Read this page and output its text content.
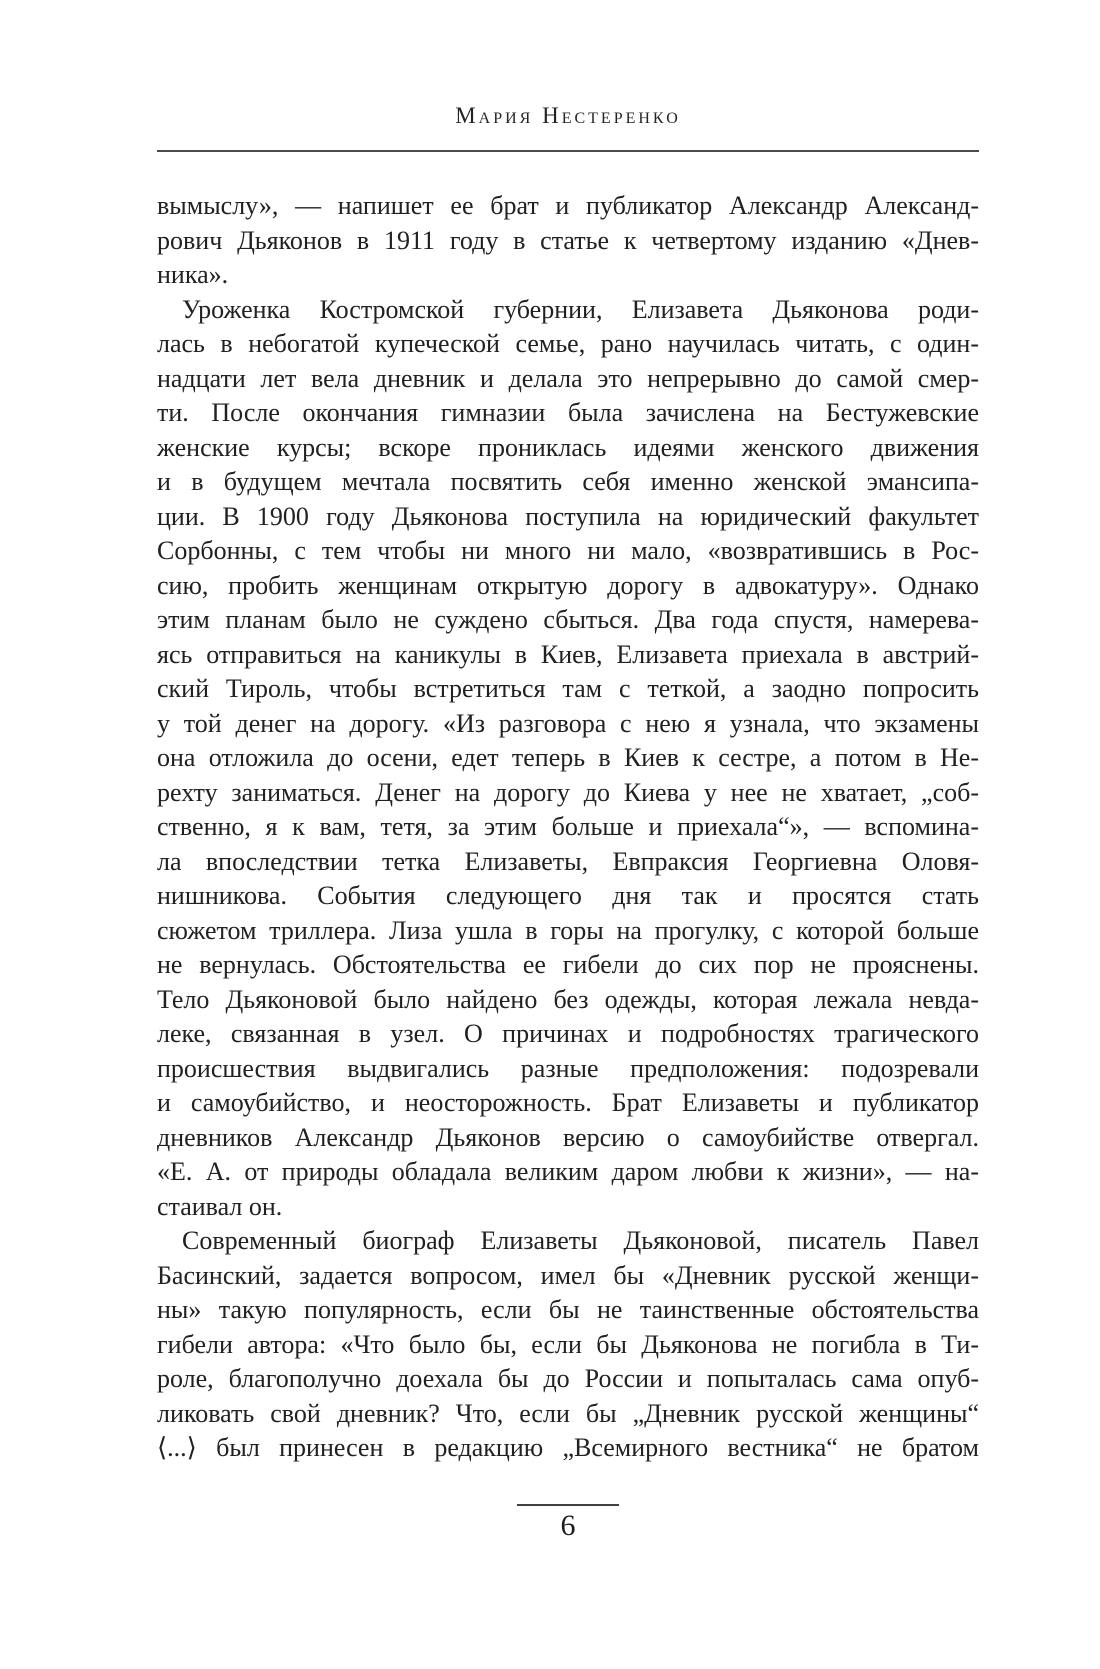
Мария Нестеренко
вымыслу», — напишет ее брат и публикатор Александр Александ-
рович Дьяконов в 1911 году в статье к четвертому изданию «Днев-
ника».
Уроженка Костромской губернии, Елизавета Дьяконова роди-
лась в небогатой купеческой семье, рано научилась читать, с один-
надцати лет вела дневник и делала это непрерывно до самой смер-
ти. После окончания гимназии была зачислена на Бестужевские
женские курсы; вскоре прониклась идеями женского движения
и в будущем мечтала посвятить себя именно женской эмансипа-
ции. В 1900 году Дьяконова поступила на юридический факультет
Сорбонны, с тем чтобы ни много ни мало, «возвратившись в Рос-
сию, пробить женщинам открытую дорогу в адвокатуру». Однако
этим планам было не суждено сбыться. Два года спустя, намерева-
ясь отправиться на каникулы в Киев, Елизавета приехала в австрий-
ский Тироль, чтобы встретиться там с теткой, а заодно попросить
у той денег на дорогу. «Из разговора с нею я узнала, что экзамены
она отложила до осени, едет теперь в Киев к сестре, а потом в Не-
рехту заниматься. Денег на дорогу до Киева у нее не хватает, „соб-
ственно, я к вам, тетя, за этим больше и приехала“», — вспомина-
ла впоследствии тетка Елизаветы, Евпраксия Георгиевна Оловя-
нишникова. События следующего дня так и просятся стать
сюжетом триллера. Лиза ушла в горы на прогулку, с которой больше
не вернулась. Обстоятельства ее гибели до сих пор не прояснены.
Тело Дьяконовой было найдено без одежды, которая лежала невда-
леке, связанная в узел. О причинах и подробностях трагического
происшествия выдвигались разные предположения: подозревали
и самоубийство, и неосторожность. Брат Елизаветы и публикатор
дневников Александр Дьяконов версию о самоубийстве отвергал.
«Е. А. от природы обладала великим даром любви к жизни», — на-
стаивал он.
Современный биограф Елизаветы Дьяконовой, писатель Павел
Басинский, задается вопросом, имел бы «Дневник русской женщи-
ны» такую популярность, если бы не таинственные обстоятельства
гибели автора: «Что было бы, если бы Дьяконова не погибла в Ти-
роле, благополучно доехала бы до России и попыталась сама опуб-
ликовать свой дневник? Что, если бы „Дневник русской женщины“
⟨...⟩ был принесен в редакцию „Всемирного вестника“ не братом
6
